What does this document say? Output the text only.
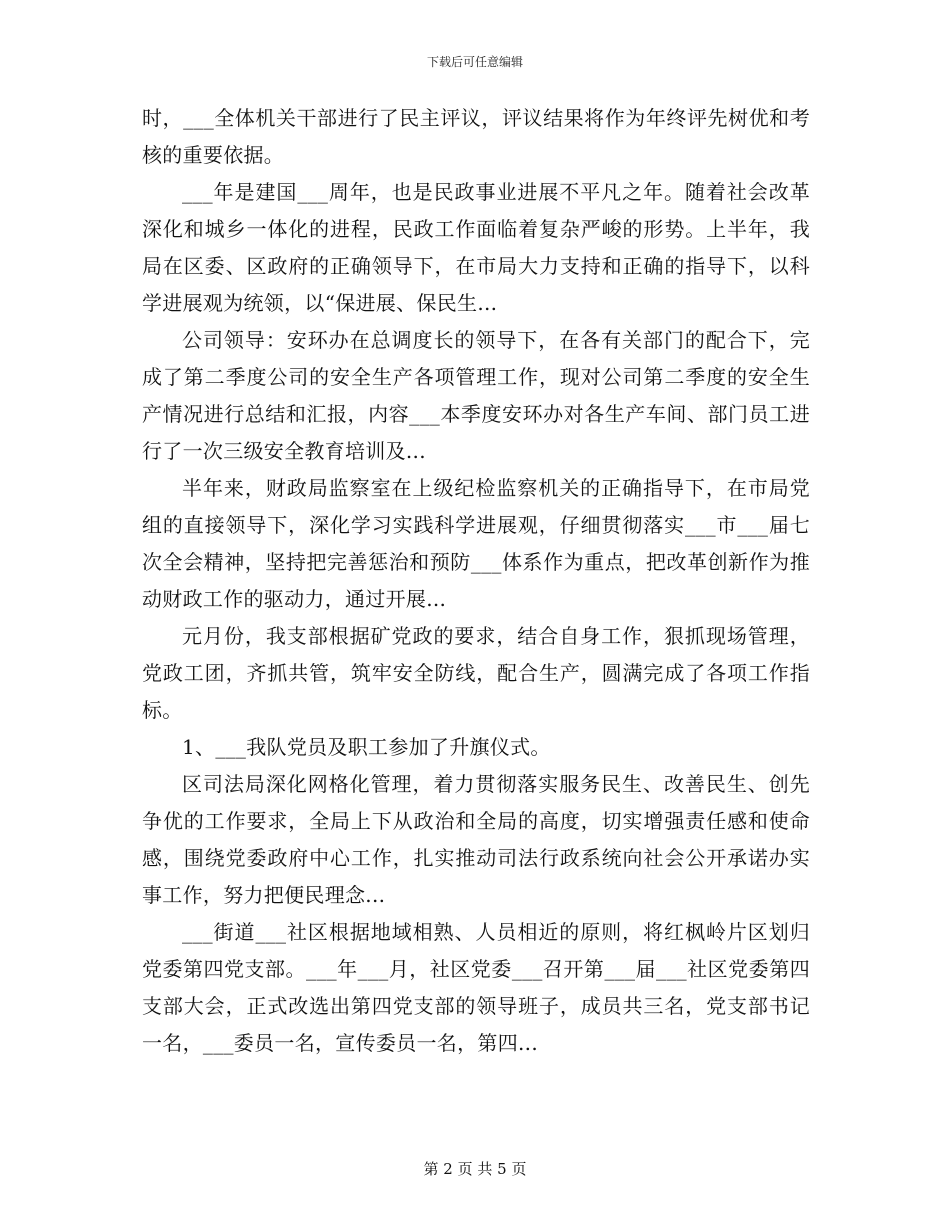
下载后可任意编辑

时，___全体机关干部进行了民主评议，评议结果将作为年终评先树优和考核的重要依据。

___年是建国___周年，也是民政事业进展不平凡之年。随着社会改革深化和城乡一体化的进程，民政工作面临着复杂严峻的形势。上半年，我局在区委、区政府的正确领导下，在市局大力支持和正确的指导下，以科学进展观为统领，以“保进展、保民生...

公司领导：安环办在总调度长的领导下，在各有关部门的配合下，完成了第二季度公司的安全生产各项管理工作，现对公司第二季度的安全生产情况进行总结和汇报，内容___本季度安环办对各生产车间、部门员工进行了一次三级安全教育培训及...

半年来，财政局监察室在上级纪检监察机关的正确指导下，在市局党组的直接领导下，深化学习实践科学进展观，仔细贯彻落实___市___届七次全会精神，坚持把完善惩治和预防___体系作为重点，把改革创新作为推动财政工作的驱动力，通过开展...

元月份，我支部根据矿党政的要求，结合自身工作，狠抓现场管理，党政工团，齐抓共管，筑牢安全防线，配合生产，圆满完成了各项工作指标。

1、___我队党员及职工参加了升旗仪式。

区司法局深化网格化管理，着力贯彻落实服务民生、改善民生、创先争优的工作要求，全局上下从政治和全局的高度，切实增强责任感和使命感，围绕党委政府中心工作，扎实推动司法行政系统向社会公开承诺办实事工作，努力把便民理念...

___街道___社区根据地域相熟、人员相近的原则，将红枫岭片区划归党委第四党支部。___年___月，社区党委___召开第___届___社区党委第四支部大会，正式改选出第四党支部的领导班子，成员共三名，党支部书记一名，___委员一名，宣传委员一名，第四...

第 2 页 共 5 页
